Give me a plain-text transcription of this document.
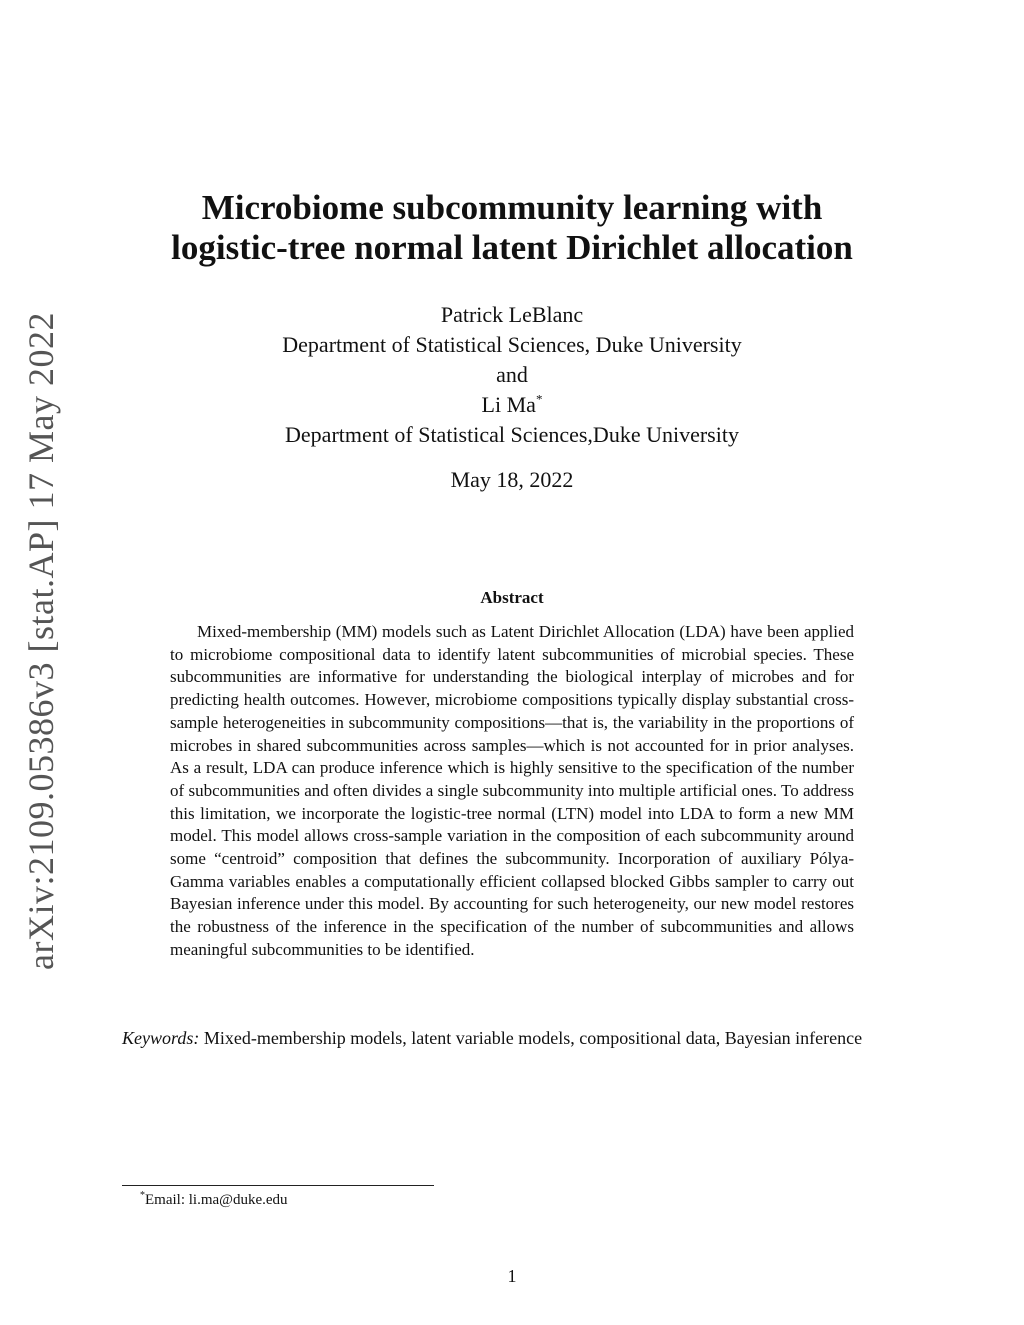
arXiv:2109.05386v3 [stat.AP] 17 May 2022
Microbiome subcommunity learning with
logistic-tree normal latent Dirichlet allocation
Patrick LeBlanc
Department of Statistical Sciences, Duke University
and
Li Ma*
Department of Statistical Sciences,Duke University
May 18, 2022
Abstract
Mixed-membership (MM) models such as Latent Dirichlet Allocation (LDA) have been applied to microbiome compositional data to identify latent subcommunities of microbial species. These subcommunities are informative for understanding the biological interplay of microbes and for predicting health outcomes. However, microbiome compositions typically display substantial cross-sample heterogeneities in subcommunity compositions—that is, the variability in the proportions of microbes in shared subcommunities across samples—which is not accounted for in prior analyses. As a result, LDA can produce inference which is highly sensitive to the specification of the number of subcommunities and often divides a single subcommunity into multiple artificial ones. To address this limitation, we incorporate the logistic-tree normal (LTN) model into LDA to form a new MM model. This model allows cross-sample variation in the composition of each subcommunity around some “centroid” composition that defines the subcommunity. Incorporation of auxiliary Pólya-Gamma variables enables a computationally efficient collapsed blocked Gibbs sampler to carry out Bayesian inference under this model. By accounting for such heterogeneity, our new model restores the robustness of the inference in the specification of the number of subcommunities and allows meaningful subcommunities to be identified.
Keywords: Mixed-membership models, latent variable models, compositional data, Bayesian inference
*Email: li.ma@duke.edu
1
